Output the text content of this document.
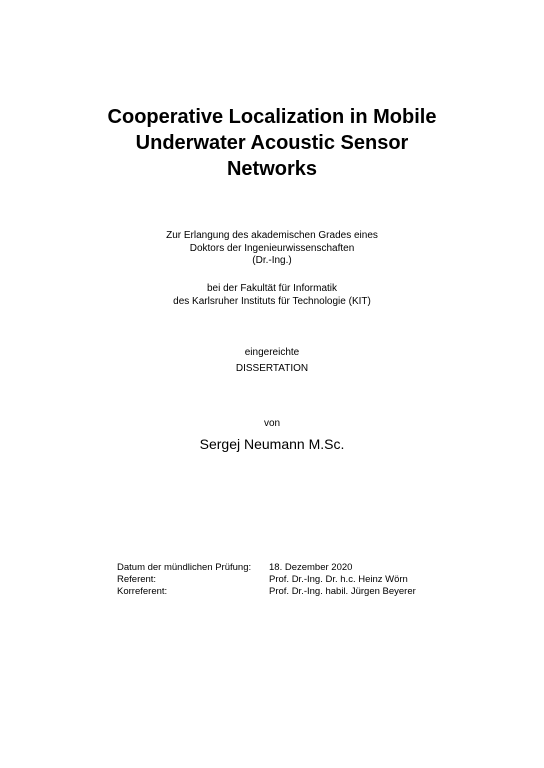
Cooperative Localization in Mobile
Underwater Acoustic Sensor
Networks
Zur Erlangung des akademischen Grades eines
Doktors der Ingenieurwissenschaften
(Dr.-Ing.)
bei der Fakultät für Informatik
des Karlsruher Instituts für Technologie (KIT)
eingereichte
DISSERTATION
von
Sergej Neumann M.Sc.
Datum der mündlichen Prüfung:	18. Dezember 2020
Referent:	Prof. Dr.-Ing. Dr. h.c. Heinz Wörn
Korreferent:	Prof. Dr.-Ing. habil. Jürgen Beyerer
